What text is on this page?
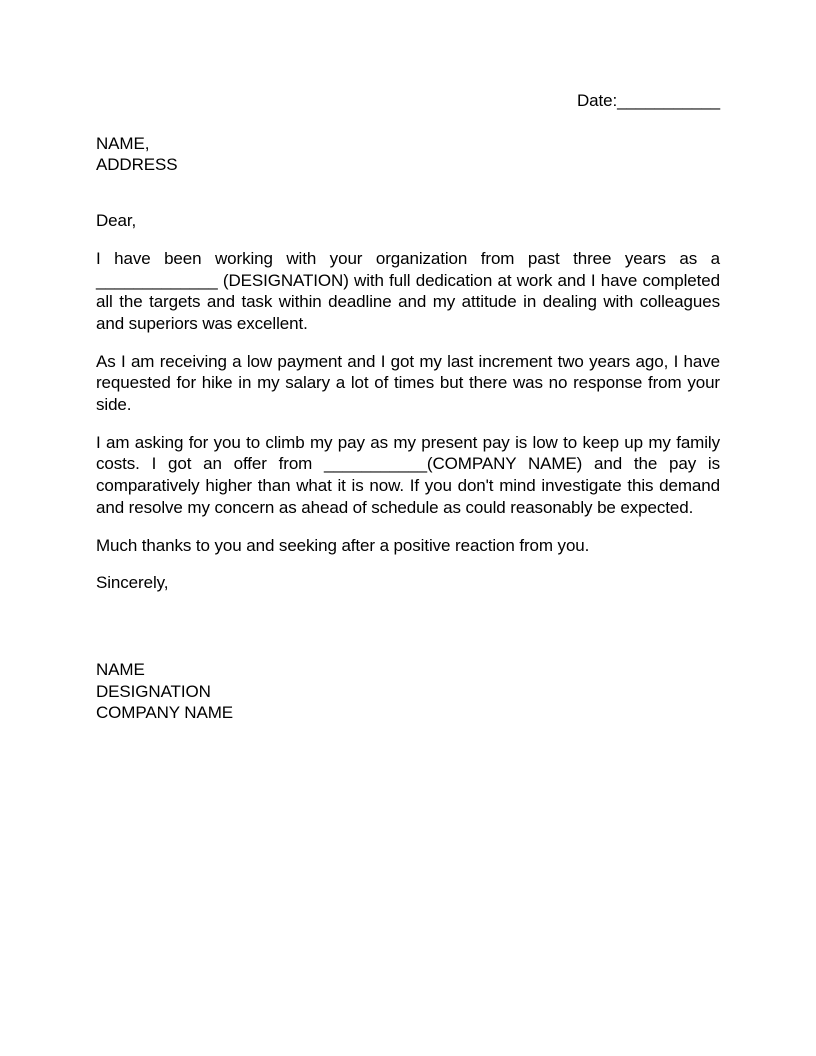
Date:___________
NAME,
ADDRESS
Dear,

I have been working with your organization from past three years as a _____________ (DESIGNATION) with full dedication at work and I have completed all the targets and task within deadline and my attitude in dealing with colleagues and superiors was excellent.

As I am receiving a low payment and I got my last increment two years ago, I have requested for hike in my salary a lot of times but there was no response from your side.

I am asking for you to climb my pay as my present pay is low to keep up my family costs. I got an offer from ___________(COMPANY NAME) and the pay is comparatively higher than what it is now. If you don't mind investigate this demand and resolve my concern as ahead of schedule as could reasonably be expected.

Much thanks to you and seeking after a positive reaction from you.

Sincerely,
NAME
DESIGNATION
COMPANY NAME
